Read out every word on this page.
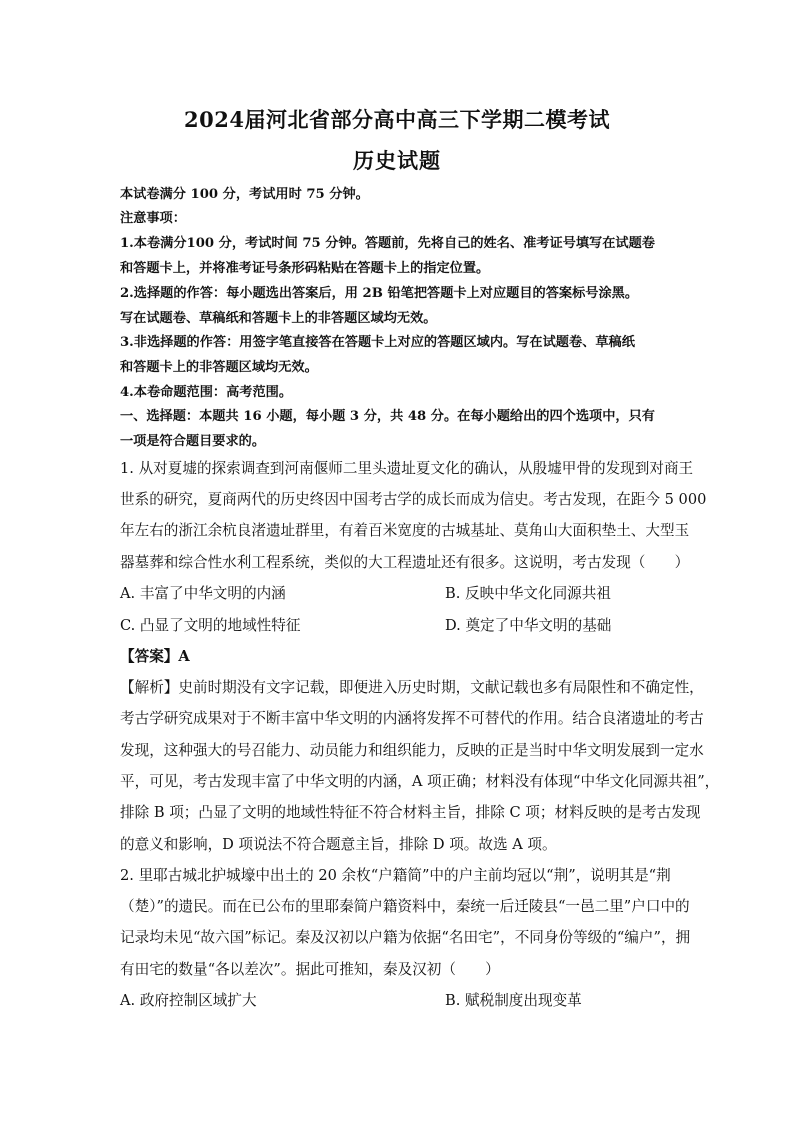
2024届河北省部分高中高三下学期二模考试
历史试题
本试卷满分 100 分，考试用时 75 分钟。
注意事项：
1.本卷满分100 分，考试时间 75 分钟。答题前，先将自己的姓名、准考证号填写在试题卷
和答题卡上，并将准考证号条形码粘贴在答题卡上的指定位置。
2.选择题的作答：每小题选出答案后，用 2B 铅笔把答题卡上对应题目的答案标号涂黑。
写在试题卷、草稿纸和答题卡上的非答题区域均无效。
3.非选择题的作答：用签字笔直接答在答题卡上对应的答题区域内。写在试题卷、草稿纸
和答题卡上的非答题区域均无效。
4.本卷命题范围：高考范围。
一、选择题：本题共 16 小题，每小题 3 分，共 48 分。在每小题给出的四个选项中，只有
一项是符合题目要求的。
1. 从对夏墟的探索调查到河南偃师二里头遗址夏文化的确认，从殷墟甲骨的发现到对商王
世系的研究，夏商两代的历史终因中国考古学的成长而成为信史。考古发现，在距今 5 000
年左右的浙江余杭良渚遗址群里，有着百米宽度的古城基址、莫角山大面积垫土、大型玉
器墓葬和综合性水利工程系统，类似的大工程遗址还有很多。这说明，考古发现（　　）
A. 丰富了中华文明的内涵	B. 反映中华文化同源共祖
C. 凸显了文明的地域性特征	D. 奠定了中华文明的基础
【答案】A
【解析】史前时期没有文字记载，即便进入历史时期，文献记载也多有局限性和不确定性，
考古学研究成果对于不断丰富中华文明的内涵将发挥不可替代的作用。结合良渚遗址的考古
发现，这种强大的号召能力、动员能力和组织能力，反映的正是当时中华文明发展到一定水
平，可见，考古发现丰富了中华文明的内涵，A 项正确；材料没有体现“中华文化同源共祖”，
排除 B 项；凸显了文明的地域性特征不符合材料主旨，排除 C 项；材料反映的是考古发现
的意义和影响，D 项说法不符合题意主旨，排除 D 项。故选 A 项。
2. 里耶古城北护城壕中出土的 20 余枚“户籍简”中的户主前均冠以“荆”，说明其是“荆
（楚）”的遗民。而在已公布的里耶秦简户籍资料中，秦统一后迁陵县“一邑二里”户口中的
记录均未见“故六国”标记。秦及汉初以户籍为依据“名田宅”，不同身份等级的“编户”，拥
有田宅的数量“各以差次”。据此可推知，秦及汉初（　　）
A. 政府控制区域扩大	B. 赋税制度出现变革
